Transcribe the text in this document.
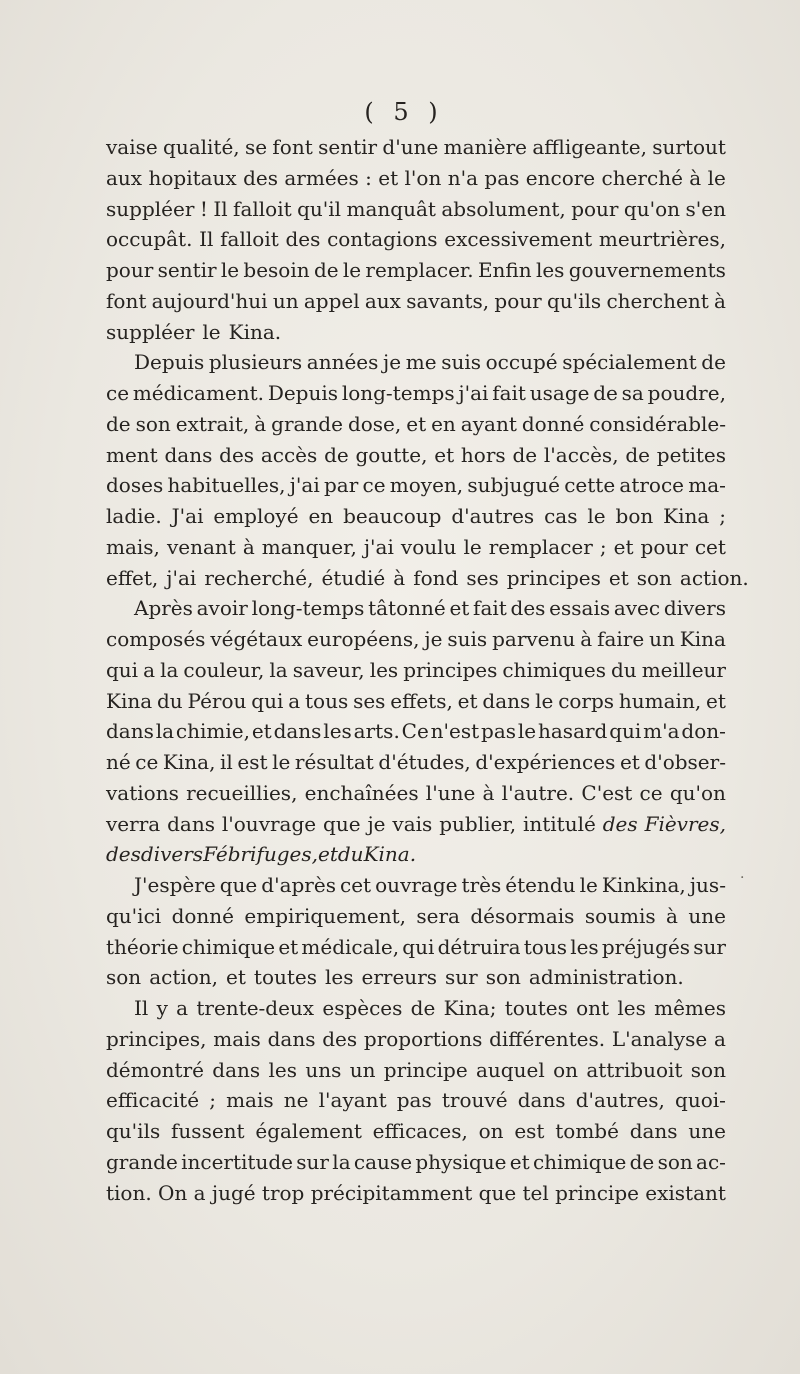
( 5 )
vaise qualité, se font sentir d'une manière affligeante, surtout
aux hopitaux des armées : et l'on n'a pas encore cherché à le
suppléer ! Il falloit qu'il manquât absolument, pour qu'on s'en
occupât. Il falloit des contagions excessivement meurtrières,
pour sentir le besoin de le remplacer. Enfin les gouvernements
font aujourd'hui un appel aux savants, pour qu'ils cherchent à
suppléer le Kina.
Depuis plusieurs années je me suis occupé spécialement de
ce médicament. Depuis long-temps j'ai fait usage de sa poudre,
de son extrait, à grande dose, et en ayant donné considérable-
ment dans des accès de goutte, et hors de l'accès, de petites
doses habituelles, j'ai par ce moyen, subjugué cette atroce ma-
ladie. J'ai employé en beaucoup d'autres cas le bon Kina ;
mais, venant à manquer, j'ai voulu le remplacer ; et pour cet
effet, j'ai recherché, étudié à fond ses principes et son action.
Après avoir long-temps tâtonné et fait des essais avec divers
composés végétaux européens, je suis parvenu à faire un Kina
qui a la couleur, la saveur, les principes chimiques du meilleur
Kina du Pérou qui a tous ses effets, et dans le corps humain, et
dans la chimie, et dans les arts. Ce n'est pas le hasard qui m'a don-
né ce Kina, il est le résultat d'études, d'expériences et d'obser-
vations recueillies, enchaînées l'une à l'autre. C'est ce qu'on
verra dans l'ouvrage que je vais publier, intitulé des Fièvres,
des divers Fébrifuges, et du Kina.
J'espère que d'après cet ouvrage très étendu le Kinkina, jus-
qu'ici donné empiriquement, sera désormais soumis à une
théorie chimique et médicale, qui détruira tous les préjugés sur
son action, et toutes les erreurs sur son administration.
Il y a trente-deux espèces de Kina; toutes ont les mêmes
principes, mais dans des proportions différentes. L'analyse a
démontré dans les uns un principe auquel on attribuoit son
efficacité ; mais ne l'ayant pas trouvé dans d'autres, quoi-
qu'ils fussent également efficaces, on est tombé dans une
grande incertitude sur la cause physique et chimique de son ac-
tion. On a jugé trop précipitamment que tel principe existant
·
